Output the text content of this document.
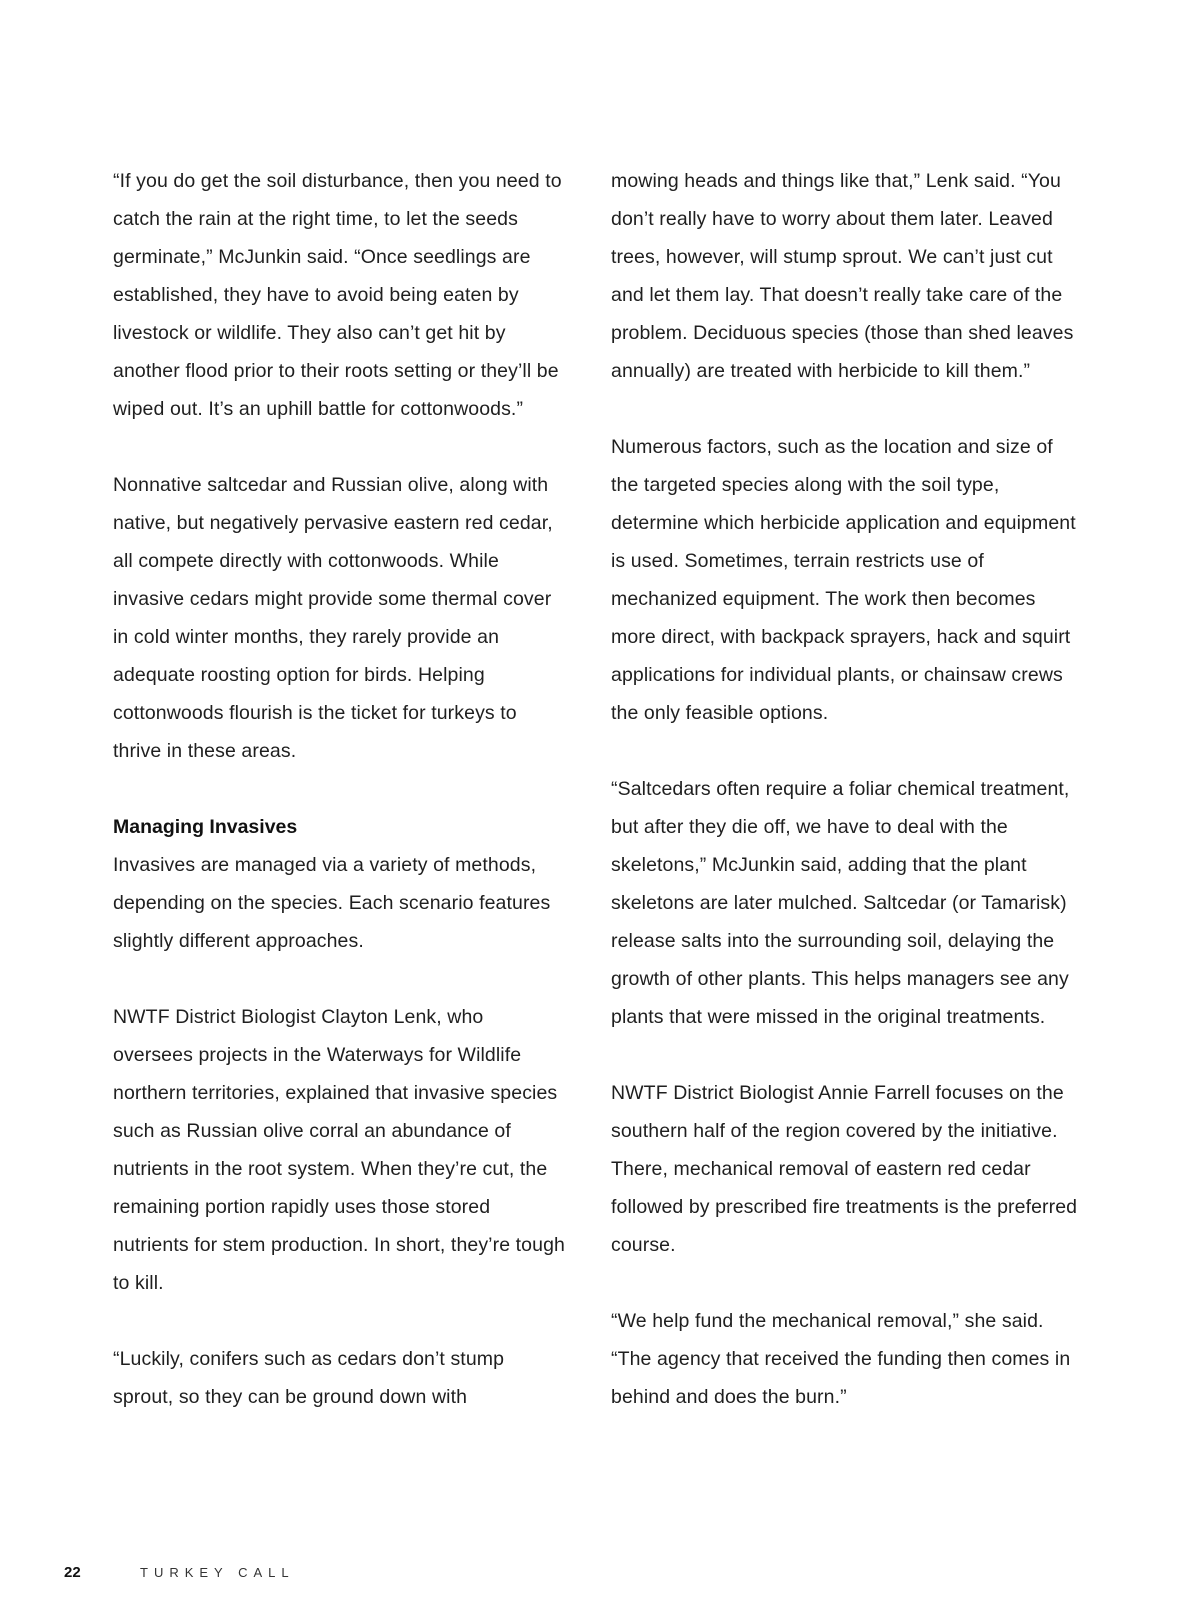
“If you do get the soil disturbance, then you need to catch the rain at the right time, to let the seeds germinate,” McJunkin said. “Once seedlings are established, they have to avoid being eaten by livestock or wildlife. They also can’t get hit by another flood prior to their roots setting or they’ll be wiped out. It’s an uphill battle for cottonwoods.”

Nonnative saltcedar and Russian olive, along with native, but negatively pervasive eastern red cedar, all compete directly with cottonwoods. While invasive cedars might provide some thermal cover in cold winter months, they rarely provide an adequate roosting option for birds. Helping cottonwoods flourish is the ticket for turkeys to thrive in these areas.

Managing Invasives

Invasives are managed via a variety of methods, depending on the species. Each scenario features slightly different approaches.

NWTF District Biologist Clayton Lenk, who oversees projects in the Waterways for Wildlife northern territories, explained that invasive species such as Russian olive corral an abundance of nutrients in the root system. When they’re cut, the remaining portion rapidly uses those stored nutrients for stem production. In short, they’re tough to kill.

“Luckily, conifers such as cedars don’t stump sprout, so they can be ground down with

mowing heads and things like that,” Lenk said. “You don’t really have to worry about them later. Leaved trees, however, will stump sprout. We can’t just cut and let them lay. That doesn’t really take care of the problem. Deciduous species (those than shed leaves annually) are treated with herbicide to kill them.”

Numerous factors, such as the location and size of the targeted species along with the soil type, determine which herbicide application and equipment is used. Sometimes, terrain restricts use of mechanized equipment. The work then becomes more direct, with backpack sprayers, hack and squirt applications for individual plants, or chainsaw crews the only feasible options.

“Saltcedars often require a foliar chemical treatment, but after they die off, we have to deal with the skeletons,” McJunkin said, adding that the plant skeletons are later mulched. Saltcedar (or Tamarisk) release salts into the surrounding soil, delaying the growth of other plants. This helps managers see any plants that were missed in the original treatments.

NWTF District Biologist Annie Farrell focuses on the southern half of the region covered by the initiative. There, mechanical removal of eastern red cedar followed by prescribed fire treatments is the preferred course.

“We help fund the mechanical removal,” she said. “The agency that received the funding then comes in behind and does the burn.”

22	TURKEY CALL
